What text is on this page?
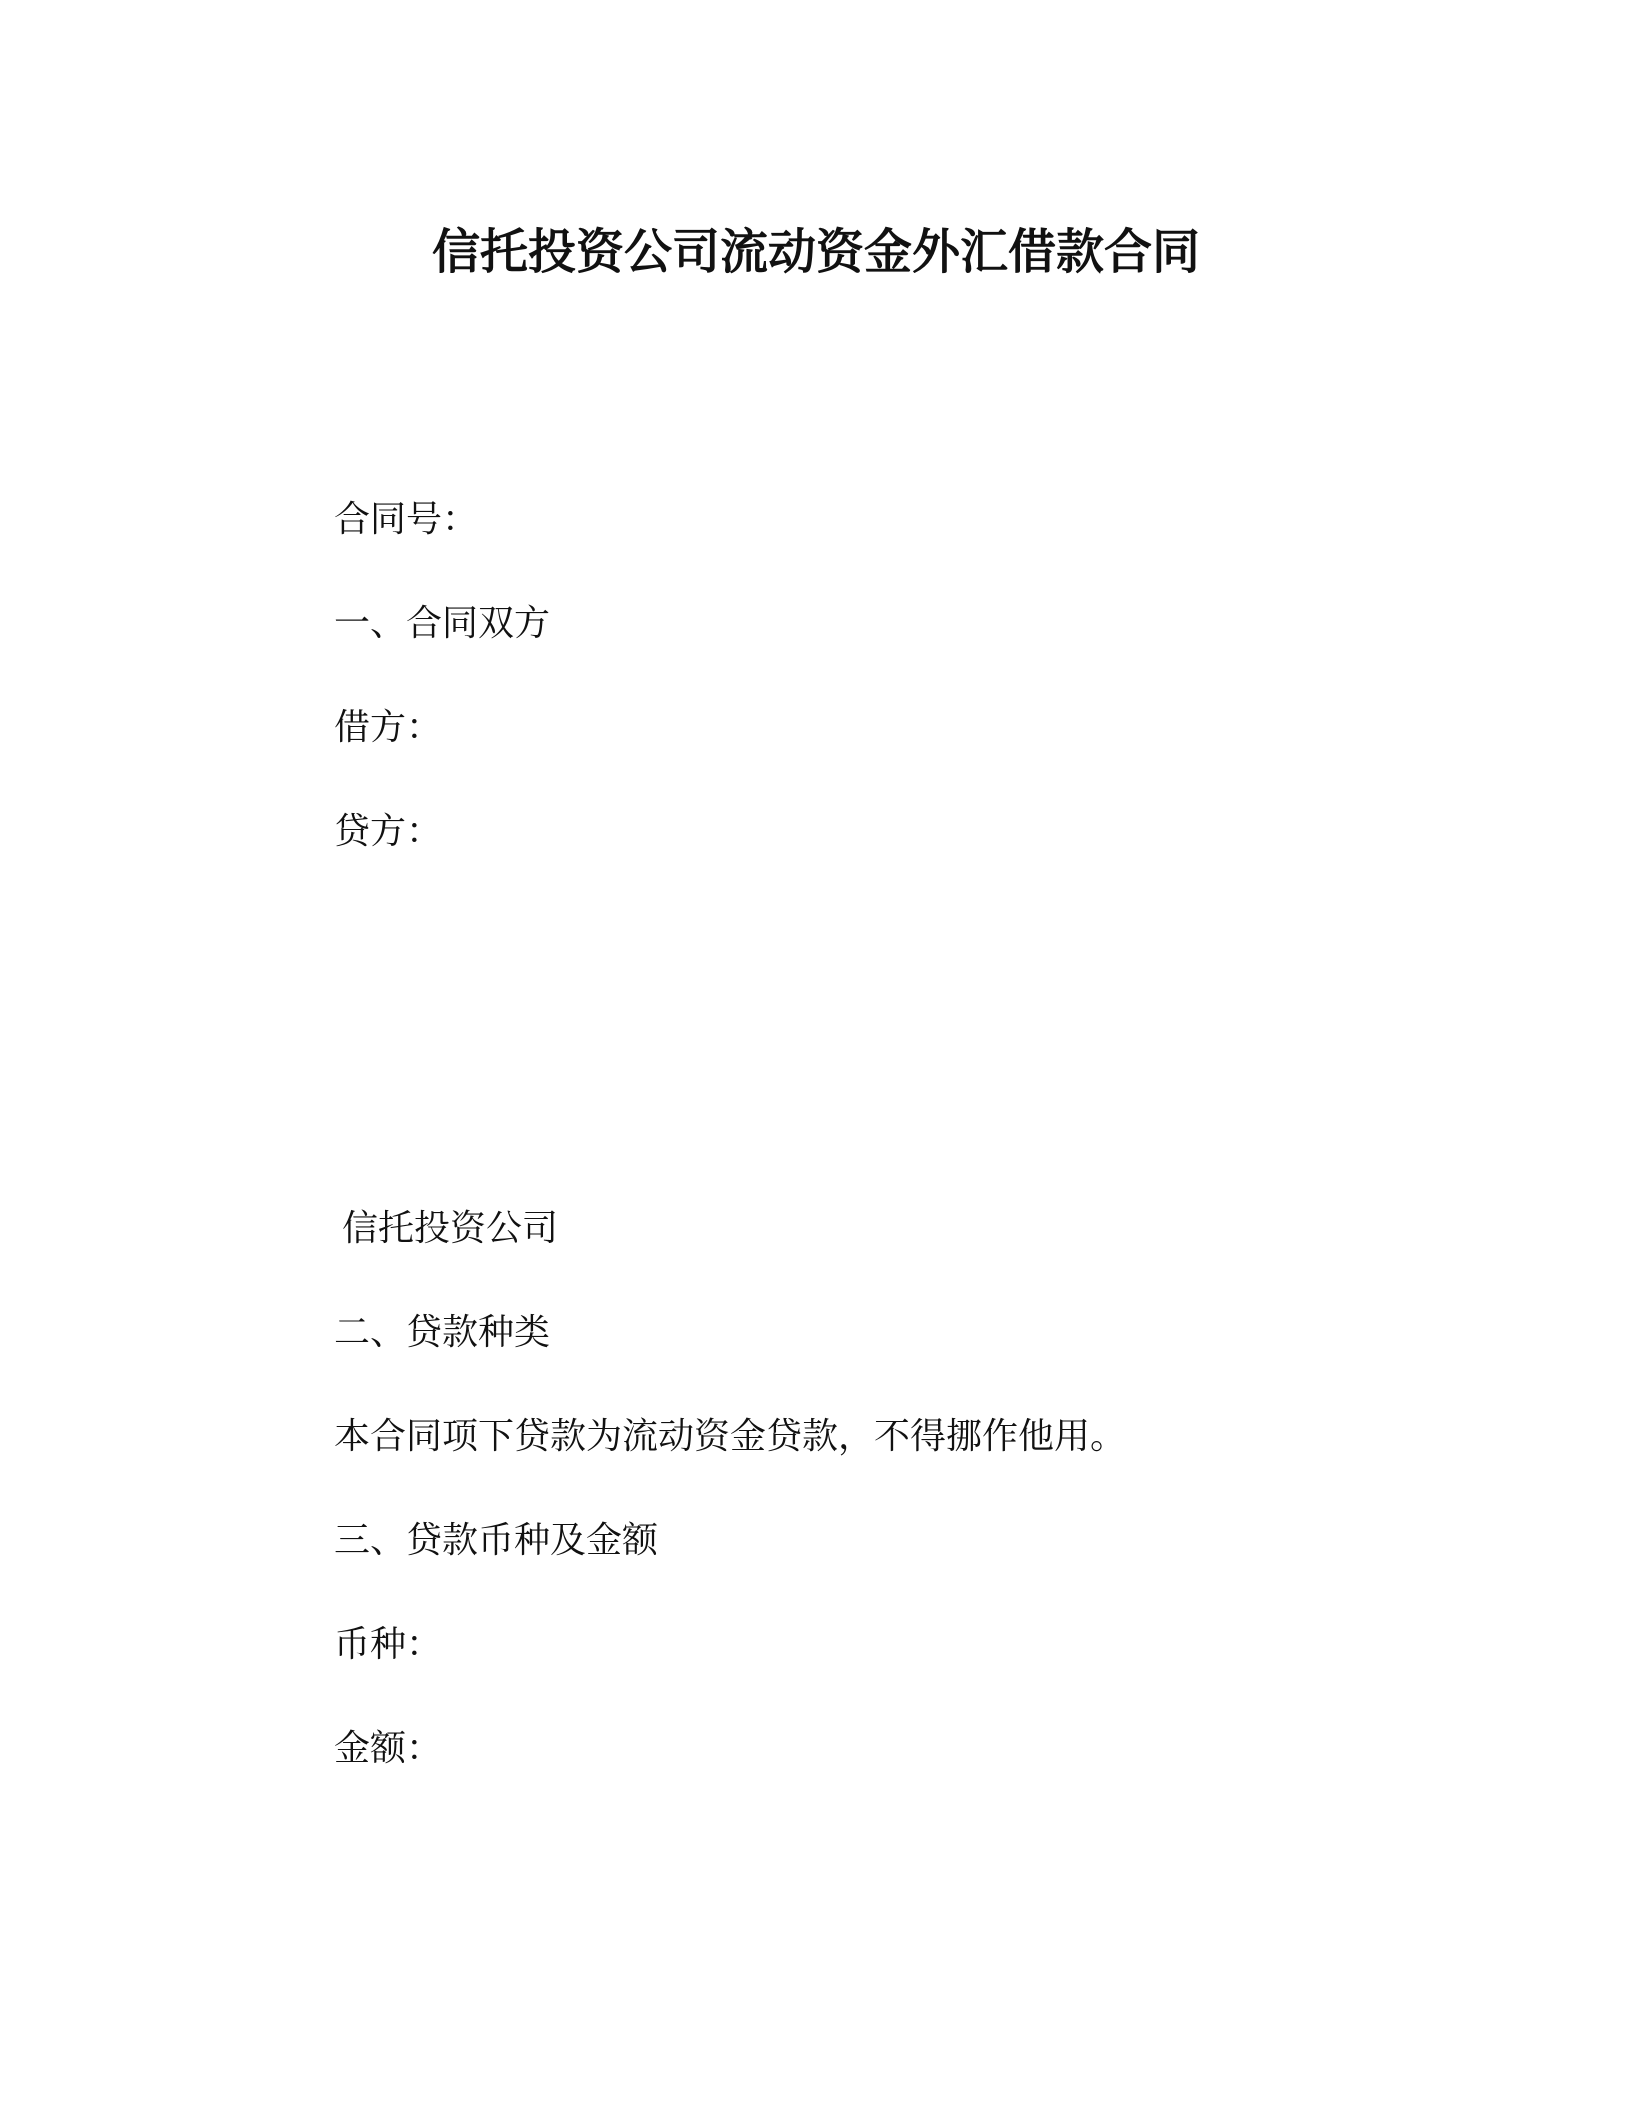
信托投资公司流动资金外汇借款合同
合同号：
一、合同双方
借方：
贷方：
信托投资公司
二、贷款种类
本合同项下贷款为流动资金贷款，不得挪作他用。
三、贷款币种及金额
币种：
金额：
